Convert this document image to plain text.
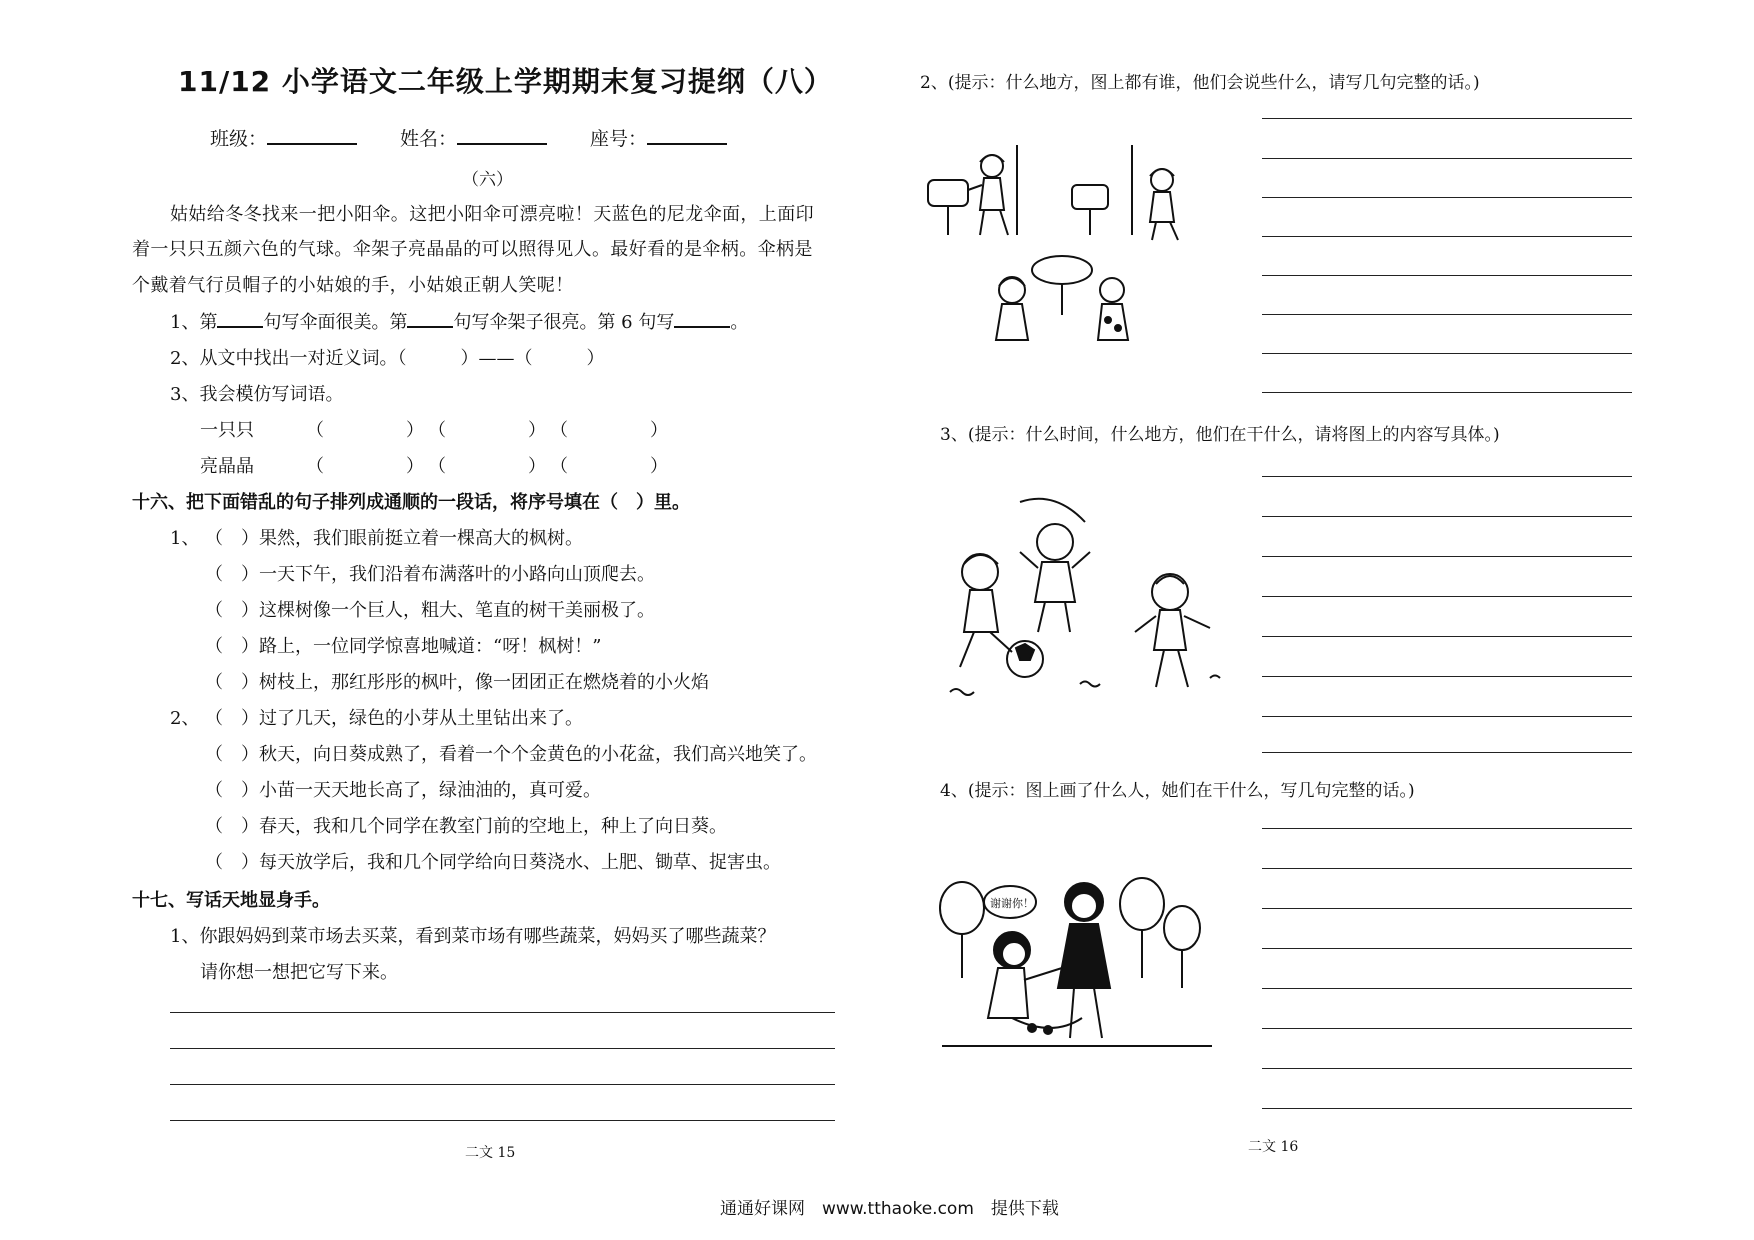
11/12 小学语文二年级上学期期末复习提纲（八）
班级：	姓名：	座号：
（六）
姑姑给冬冬找来一把小阳伞。这把小阳伞可漂亮啦！天蓝色的尼龙伞面，上面印
着一只只五颜六色的气球。伞架子亮晶晶的可以照得见人。最好看的是伞柄。伞柄是
个戴着气行员帽子的小姑娘的手，小姑娘正朝人笑呢！
1、第	句写伞面很美。第	句写伞架子很亮。第 6 句写	。
2、从文中找出一对近义词。（　　　）——（　　　）
3、我会模仿写词语。
一只只	（　　　　）　（　　　　）　（　　　　）
亮晶晶	（　　　　）　（　　　　）　（　　　　）
十六、把下面错乱的句子排列成通顺的一段话，将序号填在（　）里。
1、 （　）果然，我们眼前挺立着一棵高大的枫树。
（　）一天下午，我们沿着布满落叶的小路向山顶爬去。
（　）这棵树像一个巨人，粗大、笔直的树干美丽极了。
（　）路上，一位同学惊喜地喊道：“呀！枫树！”
（　）树枝上，那红彤彤的枫叶，像一团团正在燃烧着的小火焰
2、 （　）过了几天，绿色的小芽从土里钻出来了。
（　）秋天，向日葵成熟了，看着一个个金黄色的小花盆，我们高兴地笑了。
（　）小苗一天天地长高了，绿油油的，真可爱。
（　）春天，我和几个同学在教室门前的空地上，种上了向日葵。
（　）每天放学后，我和几个同学给向日葵浇水、上肥、锄草、捉害虫。
十七、写话天地显身手。
1、你跟妈妈到菜市场去买菜，看到菜市场有哪些蔬菜，妈妈买了哪些蔬菜？
请你想一想把它写下来。
二文 15
2、(提示：什么地方，图上都有谁，他们会说些什么，请写几句完整的话。)
3、(提示：什么时间，什么地方，他们在干什么，请将图上的内容写具体。)
4、(提示：图上画了什么人，她们在干什么，写几句完整的话。)
谢谢你！
二文 16
通通好课网　www.tthaoke.com　提供下载
